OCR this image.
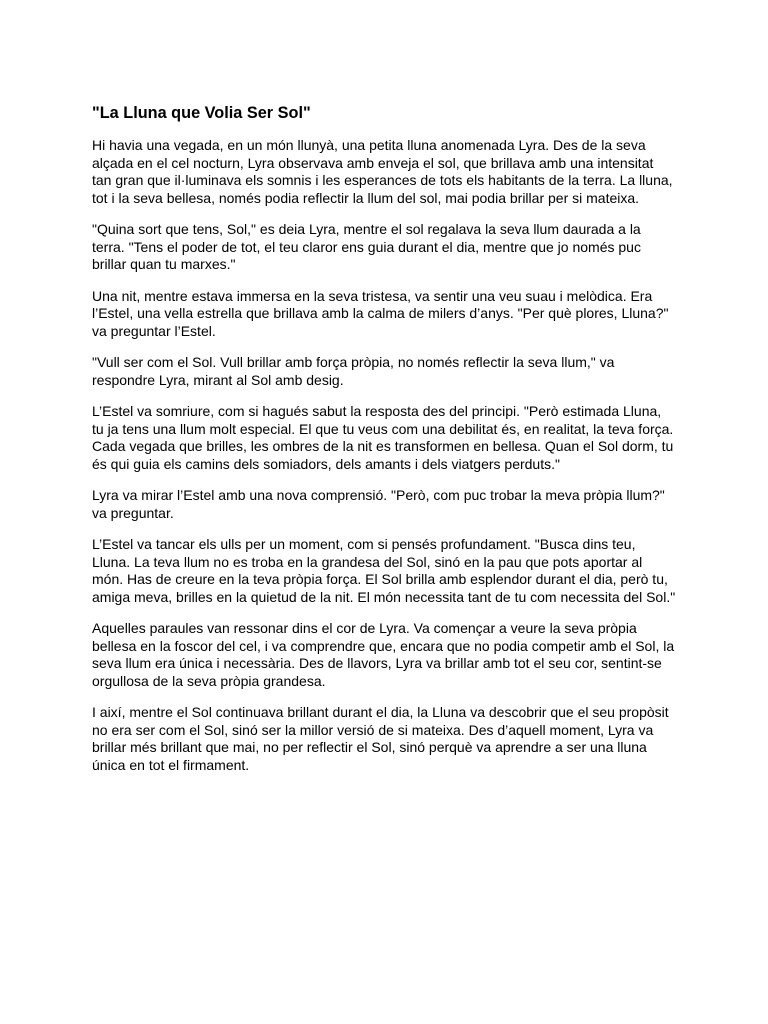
"La Lluna que Volia Ser Sol"

Hi havia una vegada, en un món llunyà, una petita lluna anomenada Lyra. Des de la seva alçada en el cel nocturn, Lyra observava amb enveja el sol, que brillava amb una intensitat tan gran que il·luminava els somnis i les esperances de tots els habitants de la terra. La lluna, tot i la seva bellesa, només podia reflectir la llum del sol, mai podia brillar per si mateixa.

"Quina sort que tens, Sol," es deia Lyra, mentre el sol regalava la seva llum daurada a la terra. "Tens el poder de tot, el teu claror ens guia durant el dia, mentre que jo només puc brillar quan tu marxes."

Una nit, mentre estava immersa en la seva tristesa, va sentir una veu suau i melòdica. Era l’Estel, una vella estrella que brillava amb la calma de milers d’anys. "Per què plores, Lluna?" va preguntar l’Estel.

"Vull ser com el Sol. Vull brillar amb força pròpia, no només reflectir la seva llum," va respondre Lyra, mirant al Sol amb desig.

L’Estel va somriure, com si hagués sabut la resposta des del principi. "Però estimada Lluna, tu ja tens una llum molt especial. El que tu veus com una debilitat és, en realitat, la teva força. Cada vegada que brilles, les ombres de la nit es transformen en bellesa. Quan el Sol dorm, tu és qui guia els camins dels somiadors, dels amants i dels viatgers perduts."

Lyra va mirar l’Estel amb una nova comprensió. "Però, com puc trobar la meva pròpia llum?" va preguntar.

L’Estel va tancar els ulls per un moment, com si pensés profundament. "Busca dins teu, Lluna. La teva llum no es troba en la grandesa del Sol, sinó en la pau que pots aportar al món. Has de creure en la teva pròpia força. El Sol brilla amb esplendor durant el dia, però tu, amiga meva, brilles en la quietud de la nit. El món necessita tant de tu com necessita del Sol."

Aquelles paraules van ressonar dins el cor de Lyra. Va començar a veure la seva pròpia bellesa en la foscor del cel, i va comprendre que, encara que no podia competir amb el Sol, la seva llum era única i necessària. Des de llavors, Lyra va brillar amb tot el seu cor, sentint-se orgullosa de la seva pròpia grandesa.

I així, mentre el Sol continuava brillant durant el dia, la Lluna va descobrir que el seu propòsit no era ser com el Sol, sinó ser la millor versió de si mateixa. Des d’aquell moment, Lyra va brillar més brillant que mai, no per reflectir el Sol, sinó perquè va aprendre a ser una lluna única en tot el firmament.
